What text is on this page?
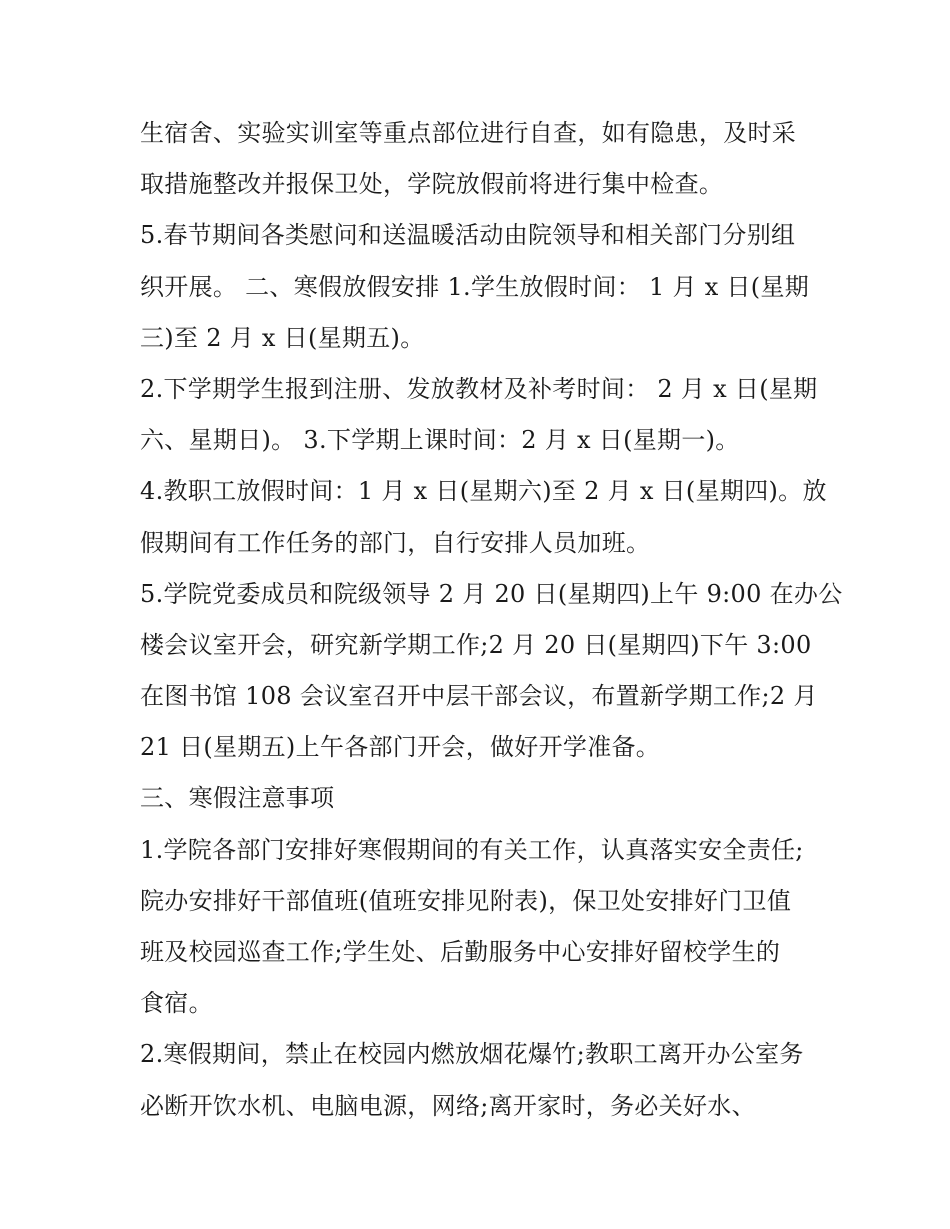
生宿舍、实验实训室等重点部位进行自查，如有隐患，及时采
取措施整改并报保卫处，学院放假前将进行集中检查。
5.春节期间各类慰问和送温暖活动由院领导和相关部门分别组
织开展。 二、寒假放假安排 1.学生放假时间： 1 月 x 日(星期
三)至 2 月 x 日(星期五)。
2.下学期学生报到注册、发放教材及补考时间： 2 月 x 日(星期
六、星期日)。 3.下学期上课时间：2 月 x 日(星期一)。
4.教职工放假时间：1 月 x 日(星期六)至 2 月 x 日(星期四)。放
假期间有工作任务的部门，自行安排人员加班。
5.学院党委成员和院级领导 2 月 20 日(星期四)上午 9:00 在办公
楼会议室开会，研究新学期工作;2 月 20 日(星期四)下午 3:00
在图书馆 108 会议室召开中层干部会议，布置新学期工作;2 月
21 日(星期五)上午各部门开会，做好开学准备。
三、寒假注意事项
1.学院各部门安排好寒假期间的有关工作，认真落实安全责任;
院办安排好干部值班(值班安排见附表)，保卫处安排好门卫值
班及校园巡查工作;学生处、后勤服务中心安排好留校学生的
食宿。
2.寒假期间，禁止在校园内燃放烟花爆竹;教职工离开办公室务
必断开饮水机、电脑电源，网络;离开家时，务必关好水、
